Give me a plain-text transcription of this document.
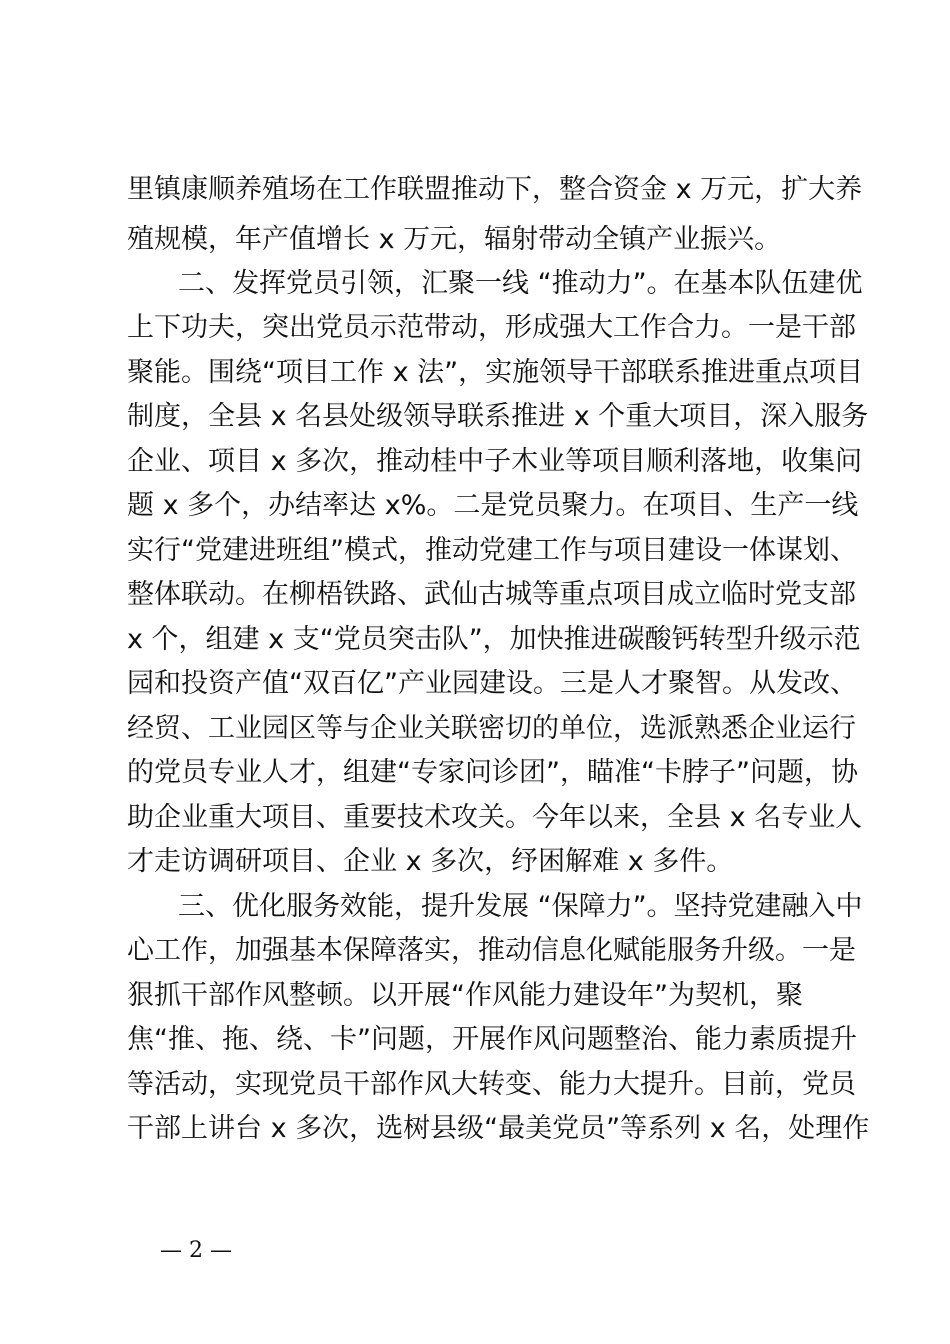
里镇康顺养殖场在工作联盟推动下，整合资金 x 万元，扩大养
殖规模，年产值增长 x 万元，辐射带动全镇产业振兴。
二、发挥党员引领，汇聚一线 “推动力”。在基本队伍建优
上下功夫，突出党员示范带动，形成强大工作合力。一是干部
聚能。围绕“项目工作 x 法”，实施领导干部联系推进重点项目
制度，全县 x 名县处级领导联系推进 x 个重大项目，深入服务
企业、项目 x 多次，推动桂中子木业等项目顺利落地，收集问
题 x 多个，办结率达 x%。二是党员聚力。在项目、生产一线
实行“党建进班组”模式，推动党建工作与项目建设一体谋划、
整体联动。在柳梧铁路、武仙古城等重点项目成立临时党支部
x 个，组建 x 支“党员突击队”，加快推进碳酸钙转型升级示范
园和投资产值“双百亿”产业园建设。三是人才聚智。从发改、
经贸、工业园区等与企业关联密切的单位，选派熟悉企业运行
的党员专业人才，组建“专家问诊团”，瞄准“卡脖子”问题，协
助企业重大项目、重要技术攻关。今年以来，全县 x 名专业人
才走访调研项目、企业 x 多次，纾困解难 x 多件。
三、优化服务效能，提升发展 “保障力”。坚持党建融入中
心工作，加强基本保障落实，推动信息化赋能服务升级。一是
狠抓干部作风整顿。以开展“作风能力建设年”为契机，聚
焦“推、拖、绕、卡”问题，开展作风问题整治、能力素质提升
等活动，实现党员干部作风大转变、能力大提升。目前，党员
干部上讲台 x 多次，选树县级“最美党员”等系列 x 名，处理作
— 2 —
